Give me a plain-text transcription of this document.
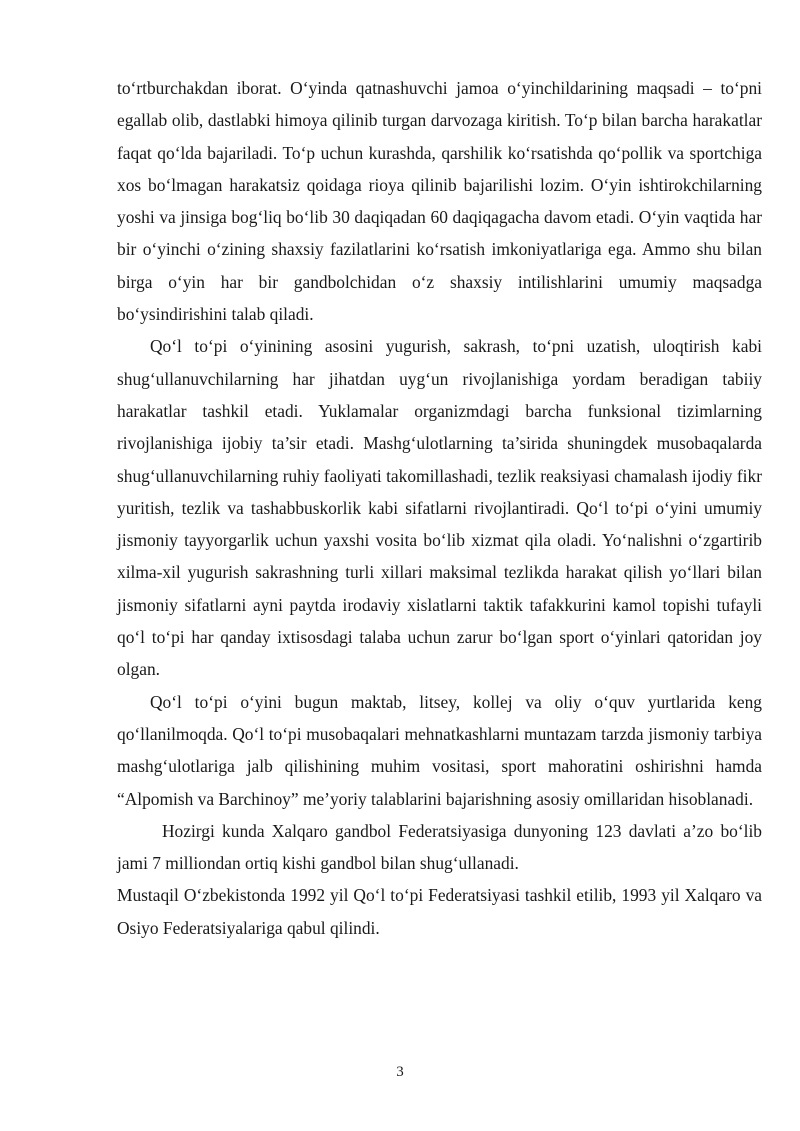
to‘rtburchakdan iborat. O‘yinda qatnashuvchi jamoa o‘yinchildarining maqsadi – to‘pni egallab olib, dastlabki himoya qilinib turgan darvozaga kiritish. To‘p bilan barcha harakatlar faqat qo‘lda bajariladi. To‘p uchun kurashda, qarshilik ko‘rsatishda qo‘pollik va sportchiga xos bo‘lmagan harakatsiz qoidaga rioya qilinib bajarilishi lozim. O‘yin ishtirokchilarning yoshi va jinsiga bog‘liq bo‘lib 30 daqiqadan 60 daqiqagacha davom etadi. O‘yin vaqtida har bir o‘yinchi o‘zining shaxsiy fazilatlarini ko‘rsatish imkoniyatlariga ega. Ammo shu bilan birga o‘yin har bir gandbolchidan o‘z shaxsiy intilishlarini umumiy maqsadga bo‘ysindirishini talab qiladi.

Qo‘l to‘pi o‘yinining asosini yugurish, sakrash, to‘pni uzatish, uloqtirish kabi shug‘ullanuvchilarning har jihatdan uyg‘un rivojlanishiga yordam beradigan tabiiy harakatlar tashkil etadi. Yuklamalar organizmdagi barcha funksional tizimlarning rivojlanishiga ijobiy ta’sir etadi. Mashg‘ulotlarning ta’sirida shuningdek musobaqalarda shug‘ullanuvchilarning ruhiy faoliyati takomillashadi, tezlik reaksiyasi chamalash ijodiy fikr yuritish, tezlik va tashabbuskorlik kabi sifatlarni rivojlantiradi. Qo‘l to‘pi o‘yini umumiy jismoniy tayyorgarlik uchun yaxshi vosita bo‘lib xizmat qila oladi. Yo‘nalishni o‘zgartirib xilma-xil yugurish sakrashning turli xillari maksimal tezlikda harakat qilish yo‘llari bilan jismoniy sifatlarni ayni paytda irodaviy xislatlarni taktik tafakkurini kamol topishi tufayli qo‘l to‘pi har qanday ixtisosdagi talaba uchun zarur bo‘lgan sport o‘yinlari qatoridan joy olgan.

Qo‘l to‘pi o‘yini bugun maktab, litsey, kollej va oliy o‘quv yurtlarida keng qo‘llanilmoqda. Qo‘l to‘pi musobaqalari mehnatkashlarni muntazam tarzda jismoniy tarbiya mashg‘ulotlariga jalb qilishining muhim vositasi, sport mahoratini oshirishni hamda “Alpomish va Barchinoy” me’yoriy talablarini bajarishning asosiy omillaridan hisoblanadi.

Hozirgi kunda Xalqaro gandbol Federatsiyasiga dunyoning 123 davlati a’zo bo‘lib jami 7 milliondan ortiq kishi gandbol bilan shug‘ullanadi.

Mustaqil O‘zbekistonda 1992 yil Qo‘l to‘pi Federatsiyasi tashkil etilib, 1993 yil Xalqaro va Osiyo Federatsiyalariga qabul qilindi.

3
